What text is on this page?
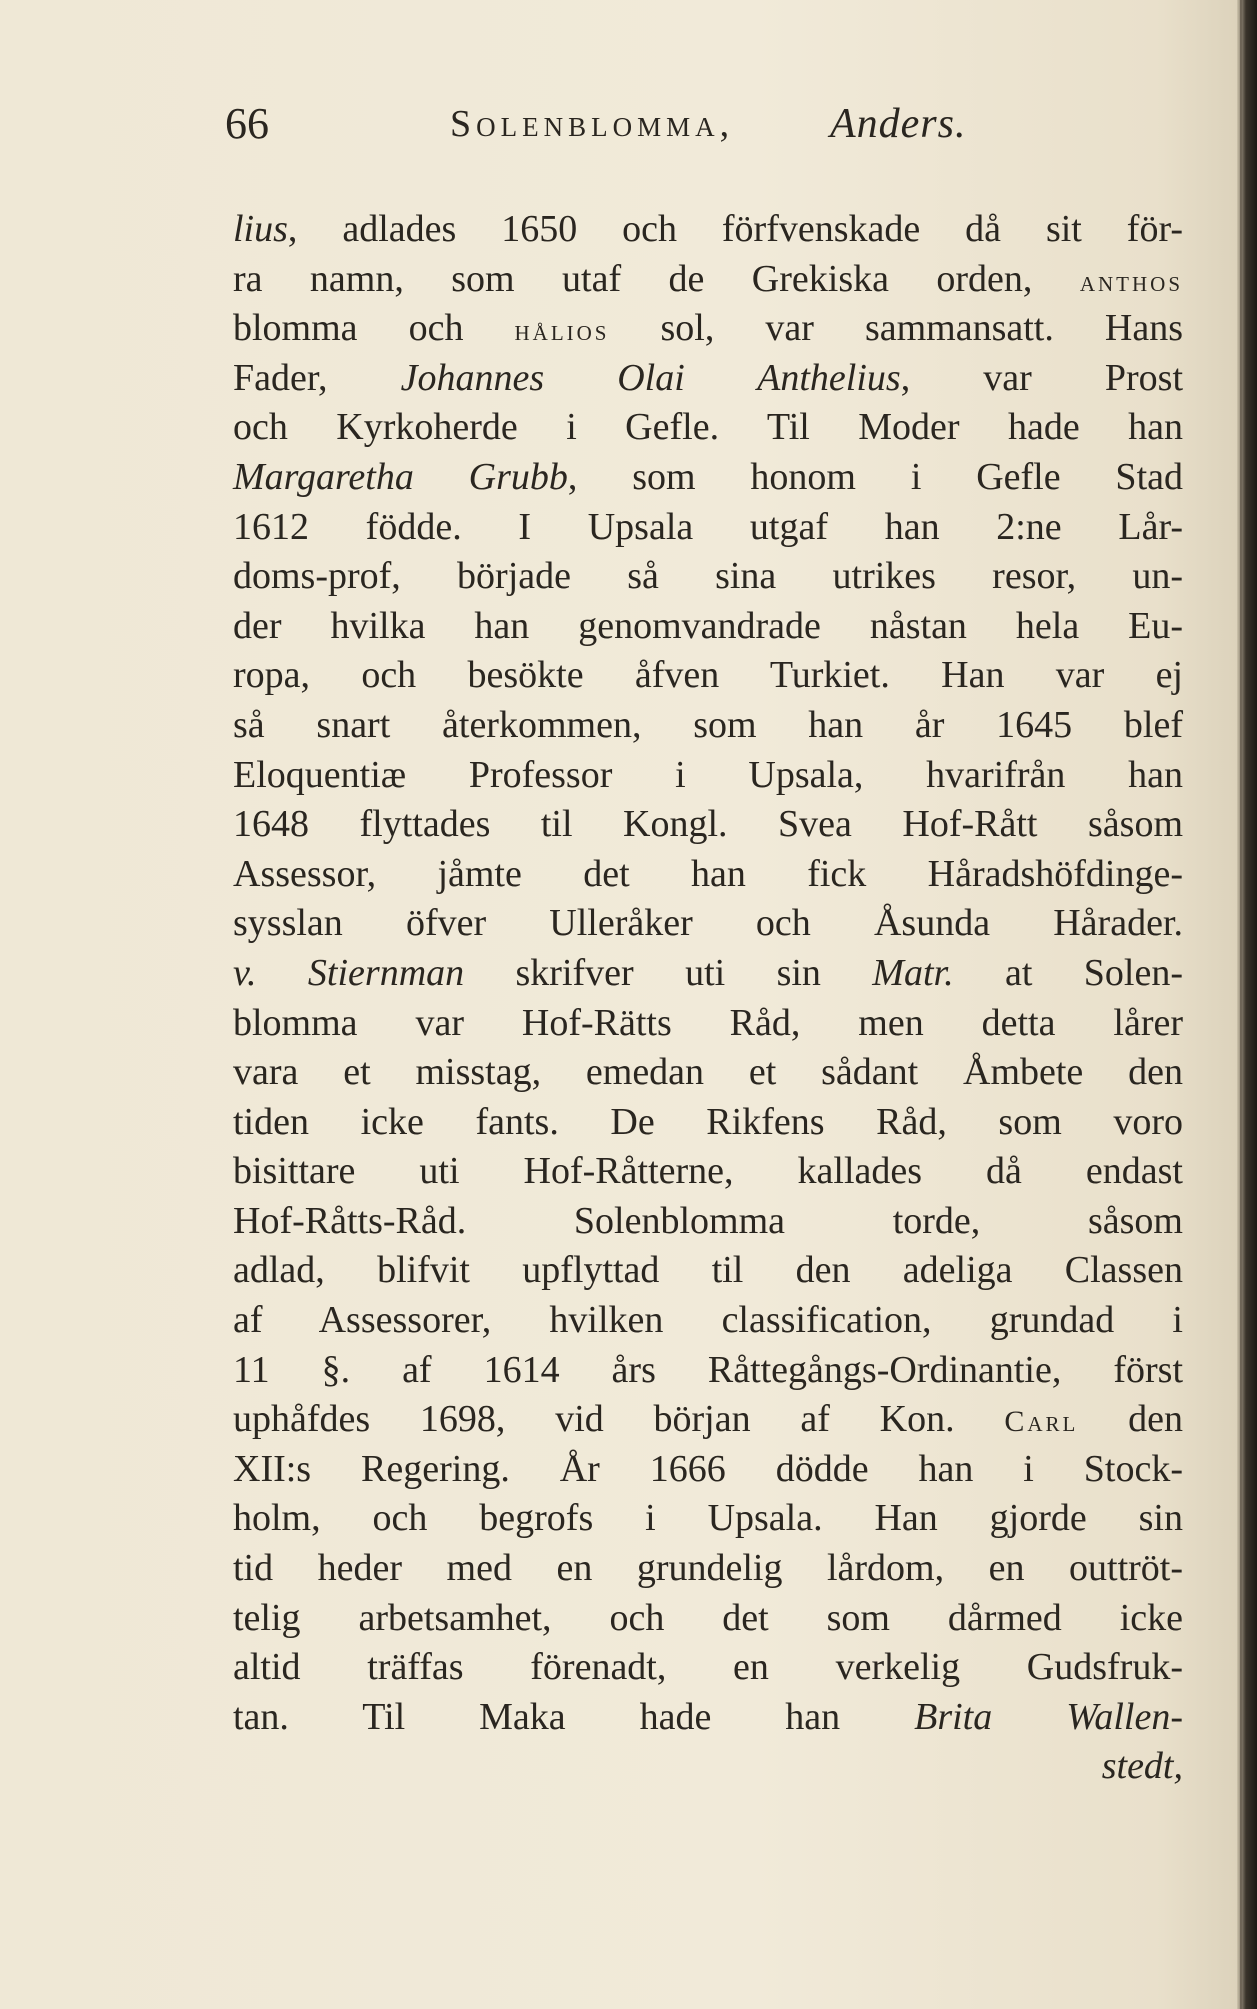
66	Solenblomma, Anders.
lius, adlades 1650 och förfvenskade då sit för-
ra namn, som utaf de Grekiska orden, anthos
blomma och hålios sol, var sammansatt. Hans
Fader, Johannes Olai Anthelius, var Prost
och Kyrkoherde i Gefle. Til Moder hade han
Margaretha Grubb, som honom i Gefle Stad
1612 födde. I Upsala utgaf han 2:ne Lår-
doms-prof, började så sina utrikes resor, un-
der hvilka han genomvandrade nåstan hela Eu-
ropa, och besökte åfven Turkiet. Han var ej
så snart återkommen, som han år 1645 blef
Eloquentiæ Professor i Upsala, hvarifrån han
1648 flyttades til Kongl. Svea Hof-Rått såsom
Assessor, jåmte det han fick Håradshöfdinge-
sysslan öfver Ulleråker och Åsunda Hårader.
v. Stiernman skrifver uti sin Matr. at Solen-
blomma var Hof-Rätts Råd, men detta lårer
vara et misstag, emedan et sådant Åmbete den
tiden icke fants. De Rikfens Råd, som voro
bisittare uti Hof-Råtterne, kallades då endast
Hof-Råtts-Råd. Solenblomma torde, såsom
adlad, blifvit upflyttad til den adeliga Classen
af Assessorer, hvilken classification, grundad i
11 §. af 1614 års Råttegångs-Ordinantie, först
uphåfdes 1698, vid början af Kon. Carl den
XII:s Regering. År 1666 dödde han i Stock-
holm, och begrofs i Upsala. Han gjorde sin
tid heder med en grundelig lårdom, en outtröt-
telig arbetsamhet, och det som dårmed icke
altid träffas förenadt, en verkelig Gudsfruk-
tan. Til Maka hade han Brita Wallen-
stedt,
